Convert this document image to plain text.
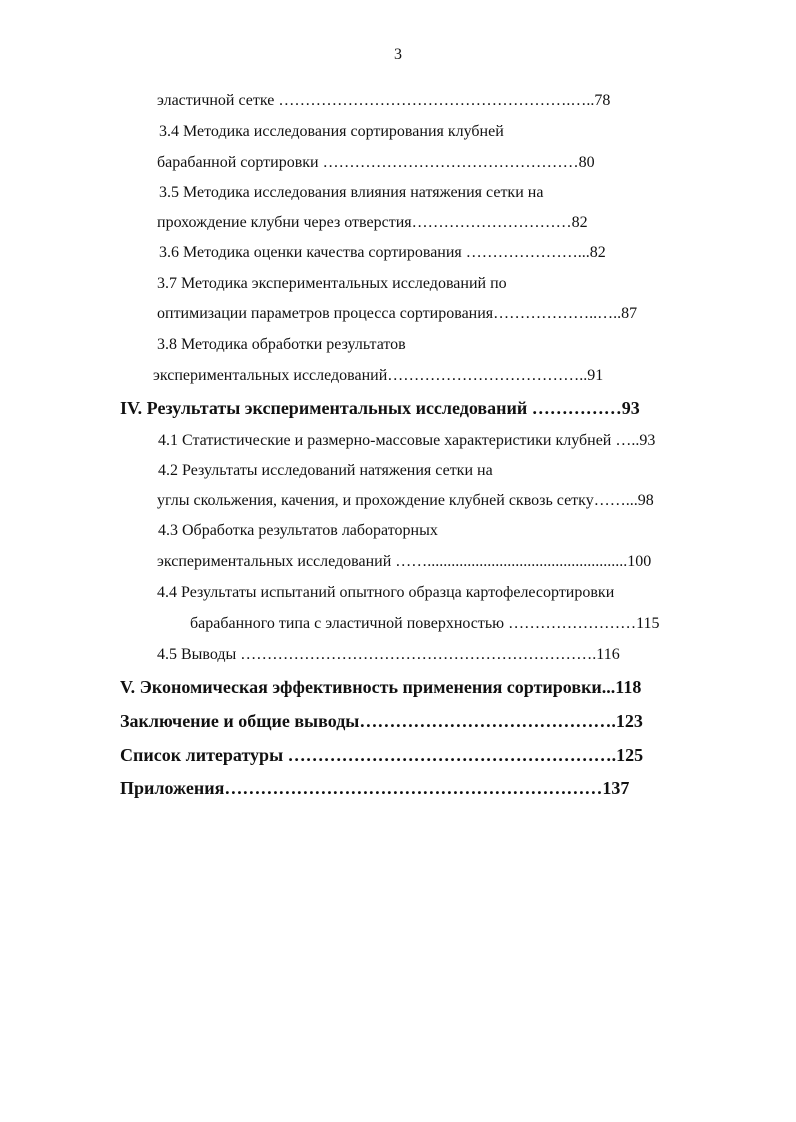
3
эластичной сетке ……………………………………………….…..78
3.4 Методика исследования сортирования клубней
барабанной сортировки …………………………………………80
3.5 Методика исследования влияния натяжения сетки на
прохождение клубни через отверстия…………………………82
3.6 Методика оценки качества сортирования …………………...82
3.7 Методика экспериментальных исследований по
оптимизации параметров процесса сортирования………………..…..87
3.8 Методика обработки результатов
экспериментальных исследований………………………………..91
IV. Результаты экспериментальных исследований ……………93
4.1 Статистические и размерно-массовые характеристики клубней …..93
4.2 Результаты исследований натяжения сетки на
углы скольжения, качения, и прохождение клубней сквозь сетку……...98
4.3 Обработка результатов лабораторных
экспериментальных исследований ……..................................................100
4.4 Результаты испытаний опытного образца картофелесортировки
барабанного типа с эластичной поверхностью ……………………115
4.5 Выводы ………………………………………………………….116
V. Экономическая эффективность применения сортировки...118
Заключение и общие выводы…………………………………….123
Список литературы ……………………………………………….125
Приложения………………………………………………………137
